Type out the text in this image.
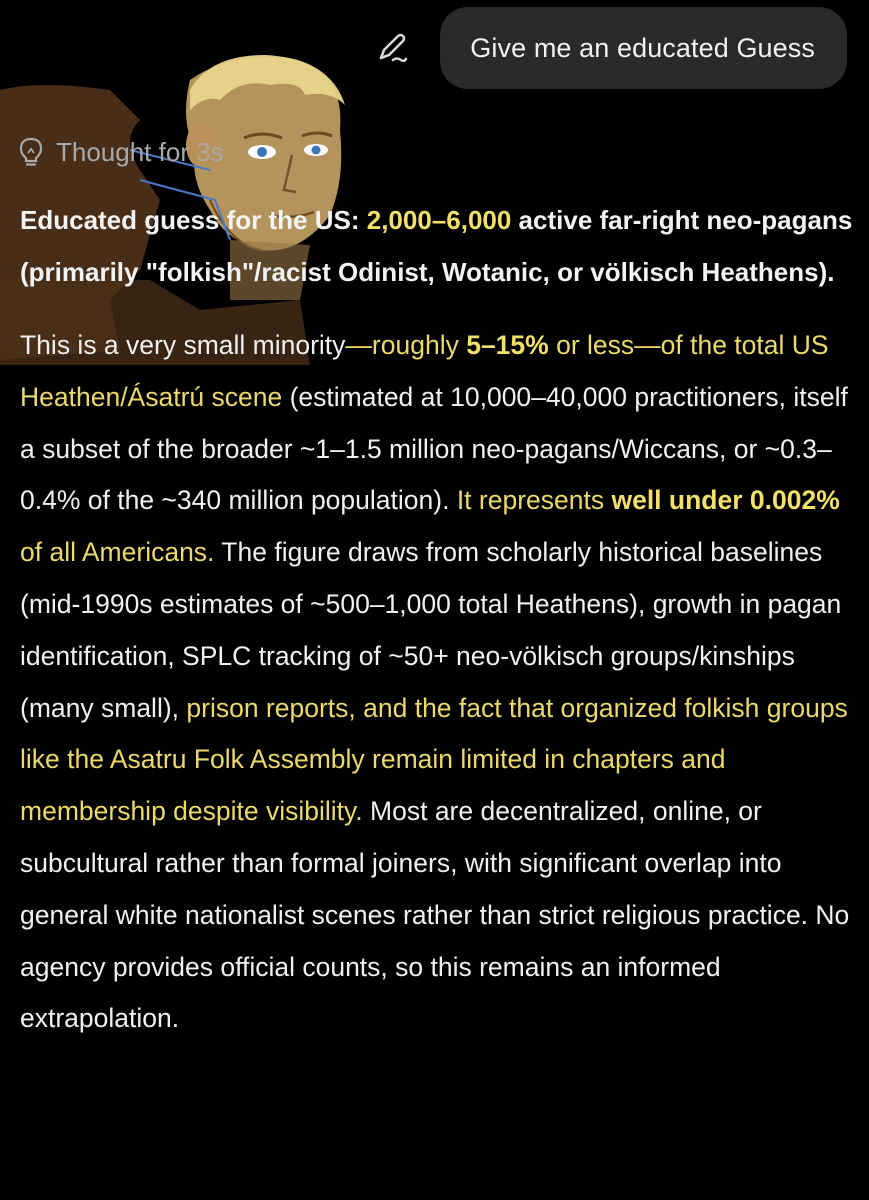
Give me an educated Guess
Thought for 3s

Educated guess for the US: 2,000–6,000 active far-right neo-pagans (primarily "folkish"/racist Odinist, Wotanic, or völkisch Heathens).

This is a very small minority—roughly 5–15% or less—of the total US Heathen/Ásatrú scene (estimated at 10,000–40,000 practitioners, itself a subset of the broader ~1–1.5 million neo-pagans/Wiccans, or ~0.3–0.4% of the ~340 million population). It represents well under 0.002% of all Americans. The figure draws from scholarly historical baselines (mid-1990s estimates of ~500–1,000 total Heathens), growth in pagan identification, SPLC tracking of ~50+ neo-völkisch groups/kinships (many small), prison reports, and the fact that organized folkish groups like the Asatru Folk Assembly remain limited in chapters and membership despite visibility. Most are decentralized, online, or subcultural rather than formal joiners, with significant overlap into general white nationalist scenes rather than strict religious practice. No agency provides official counts, so this remains an informed extrapolation.
